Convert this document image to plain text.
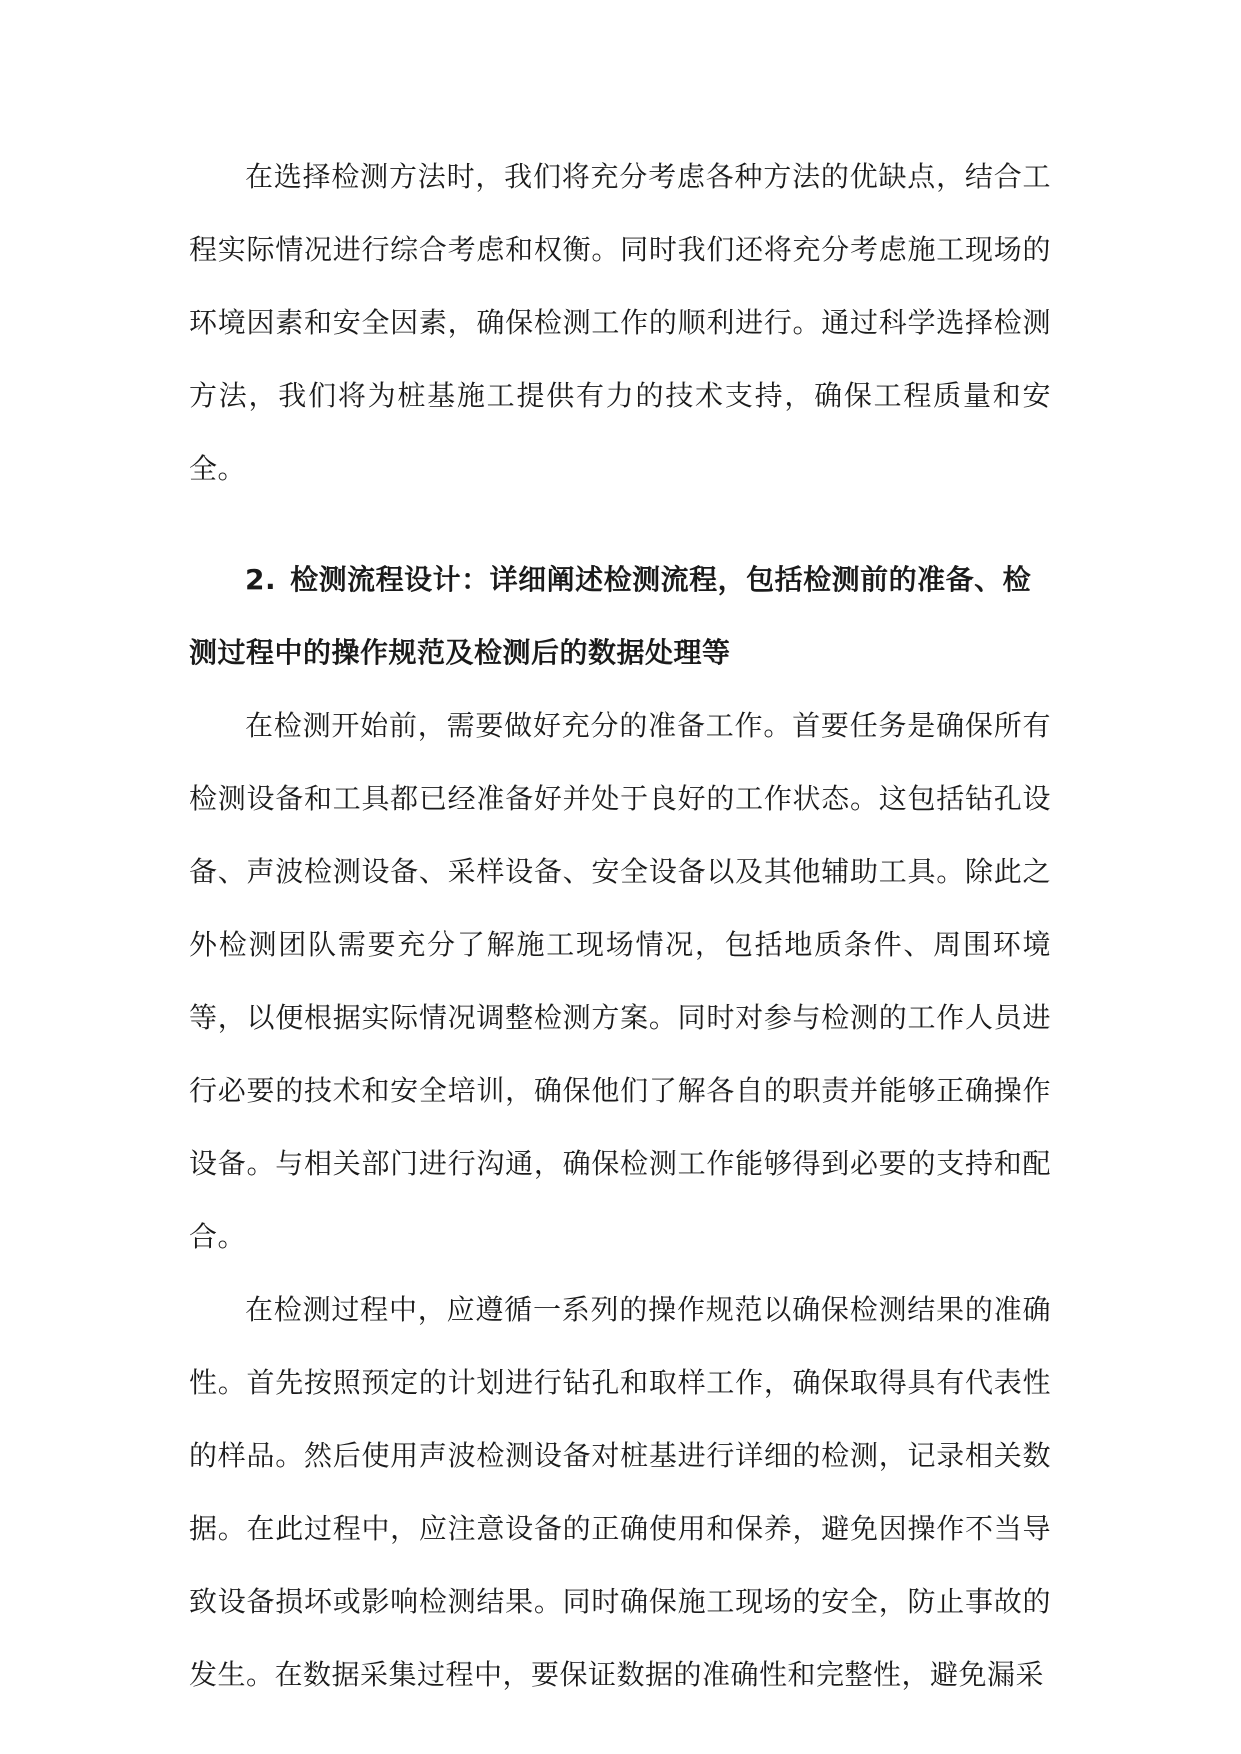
在选择检测方法时，我们将充分考虑各种方法的优缺点，结合工程实际情况进行综合考虑和权衡。同时我们还将充分考虑施工现场的环境因素和安全因素，确保检测工作的顺利进行。通过科学选择检测方法，我们将为桩基施工提供有力的技术支持，确保工程质量和安全。

2. 检测流程设计：详细阐述检测流程，包括检测前的准备、检测过程中的操作规范及检测后的数据处理等

在检测开始前，需要做好充分的准备工作。首要任务是确保所有检测设备和工具都已经准备好并处于良好的工作状态。这包括钻孔设备、声波检测设备、采样设备、安全设备以及其他辅助工具。除此之外检测团队需要充分了解施工现场情况，包括地质条件、周围环境等，以便根据实际情况调整检测方案。同时对参与检测的工作人员进行必要的技术和安全培训，确保他们了解各自的职责并能够正确操作设备。与相关部门进行沟通，确保检测工作能够得到必要的支持和配合。

在检测过程中，应遵循一系列的操作规范以确保检测结果的准确性。首先按照预定的计划进行钻孔和取样工作，确保取得具有代表性的样品。然后使用声波检测设备对桩基进行详细的检测，记录相关数据。在此过程中，应注意设备的正确使用和保养，避免因操作不当导致设备损坏或影响检测结果。同时确保施工现场的安全，防止事故的发生。在数据采集过程中，要保证数据的准确性和完整性，避免漏采
